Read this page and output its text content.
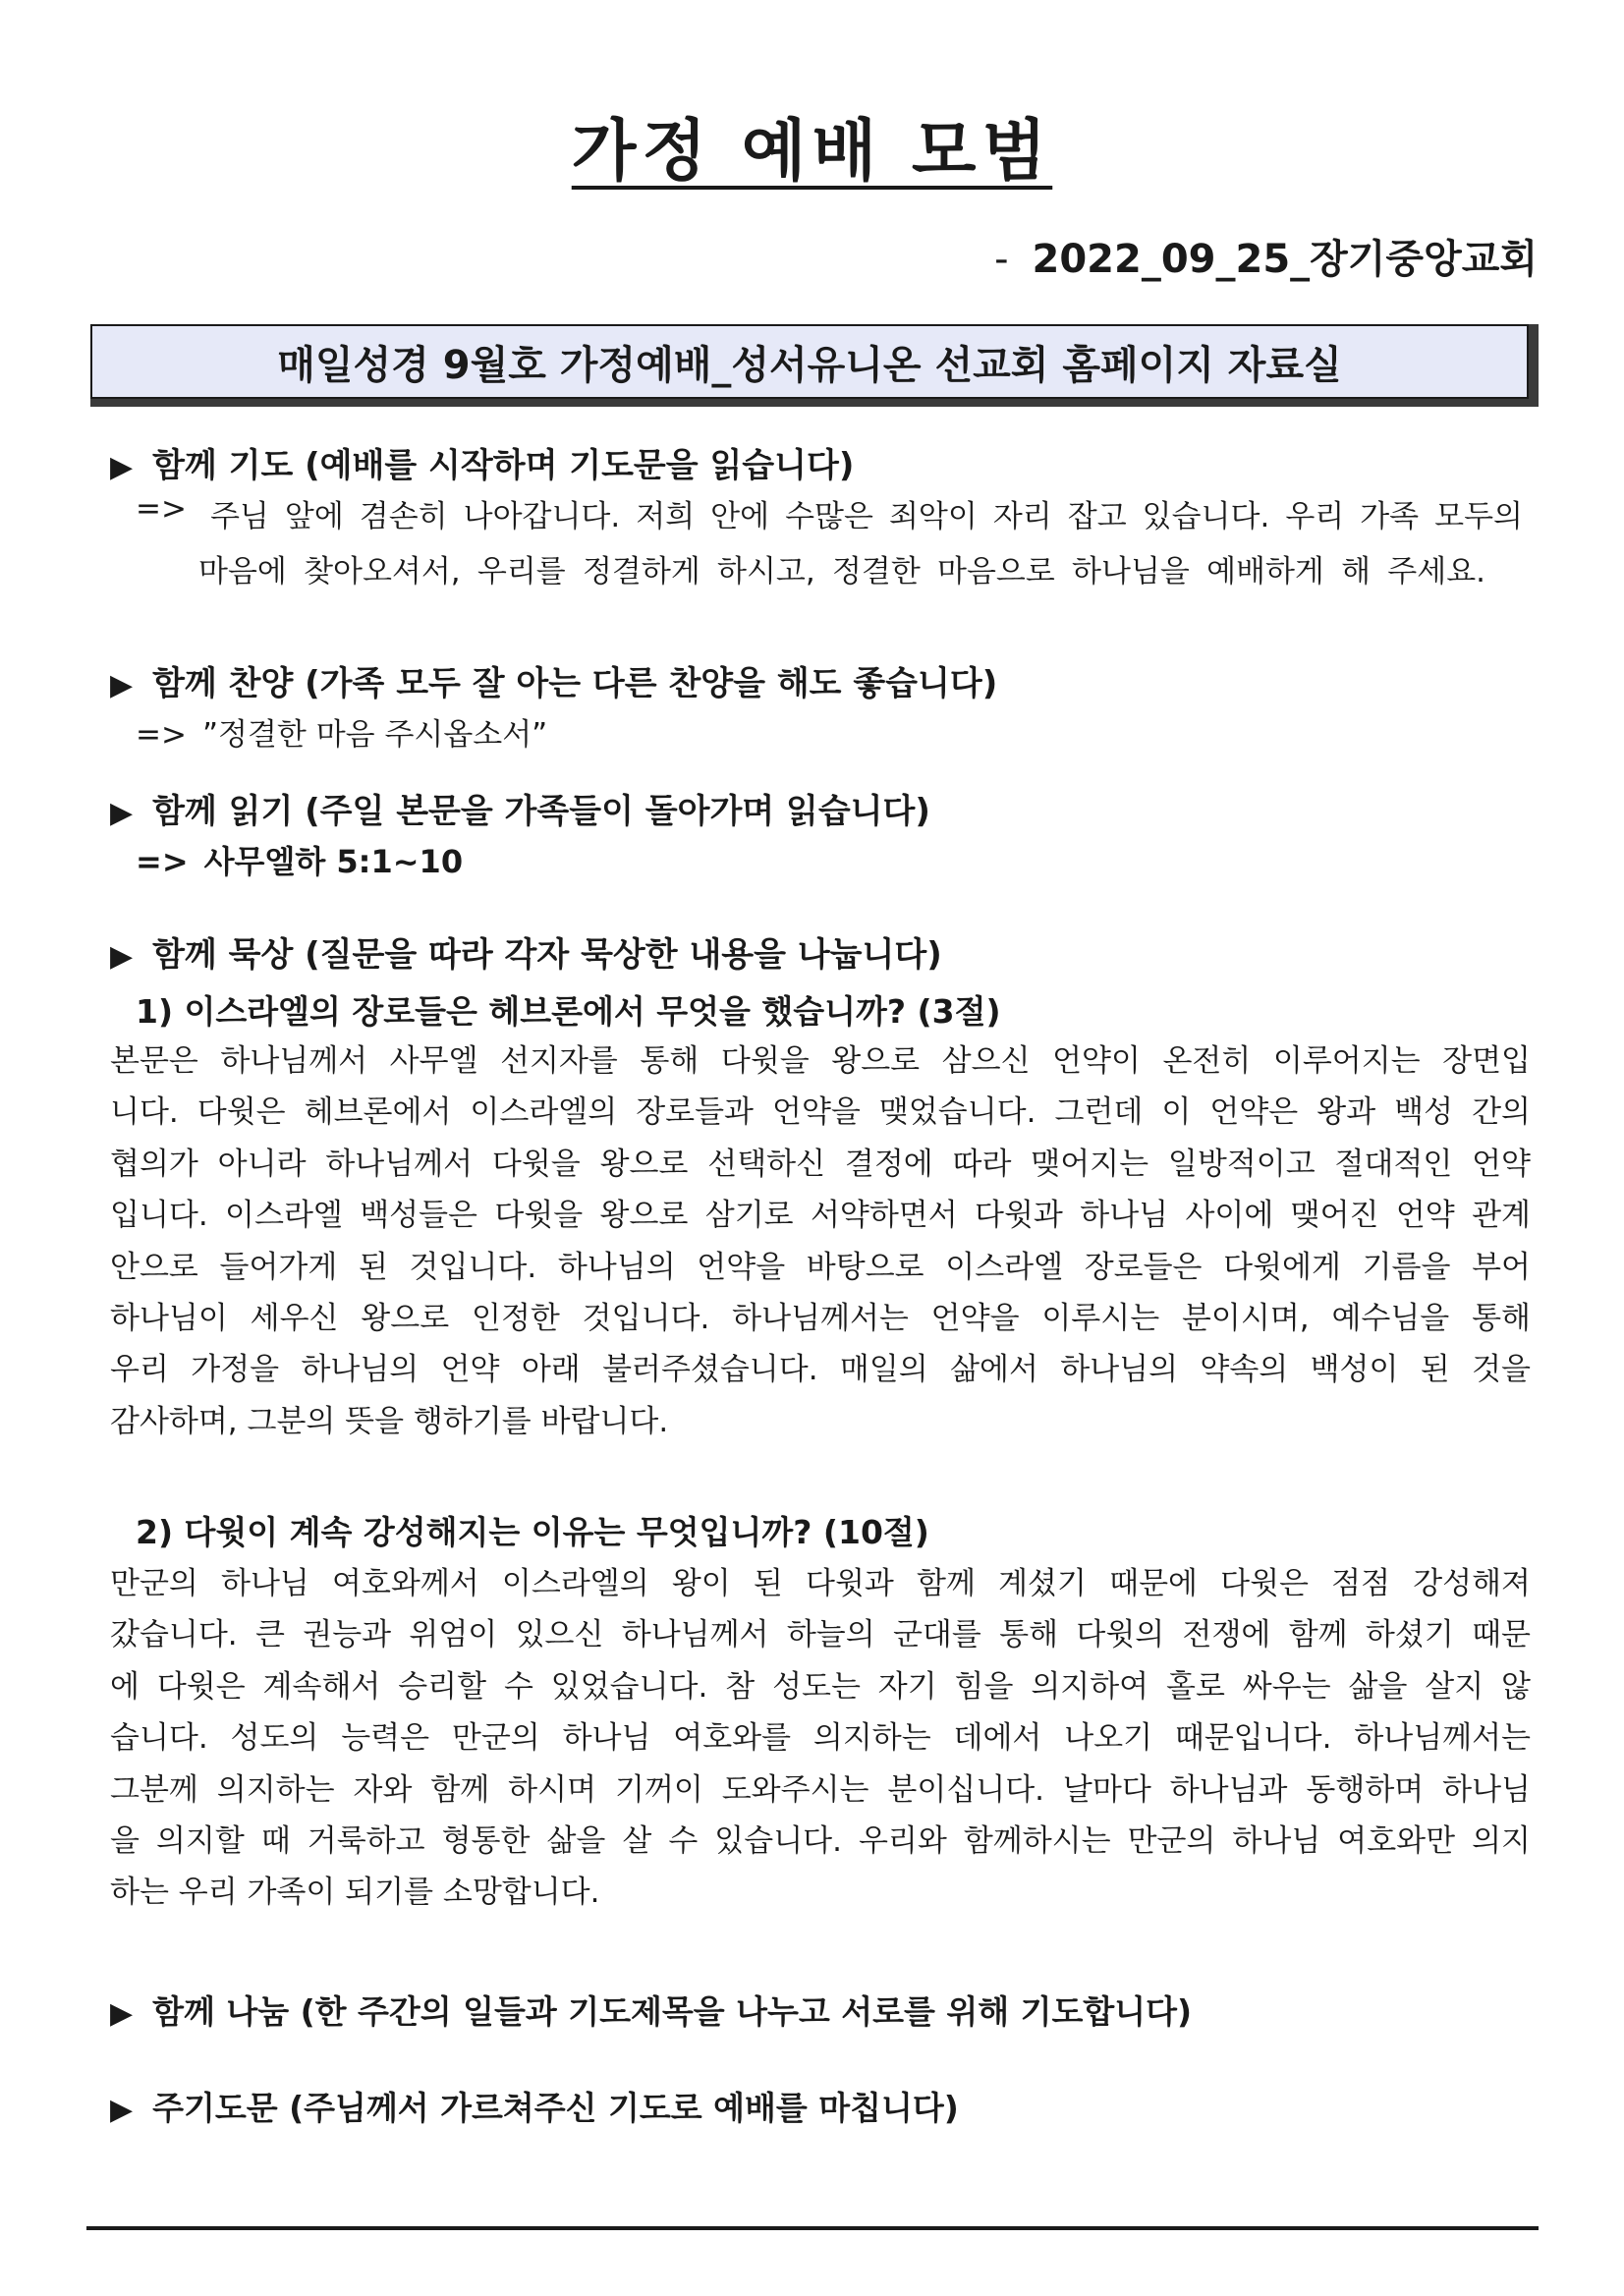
가정 예배 모범
- 2022_09_25_장기중앙교회
매일성경 9월호 가정예배_성서유니온 선교회 홈페이지 자료실
▶ 함께 기도 (예배를 시작하며 기도문을 읽습니다)
=> 주님 앞에 겸손히 나아갑니다. 저희 안에 수많은 죄악이 자리 잡고 있습니다. 우리 가족 모두의
마음에 찾아오셔서, 우리를 정결하게 하시고, 정결한 마음으로 하나님을 예배하게 해 주세요.
▶ 함께 찬양 (가족 모두 잘 아는 다른 찬양을 해도 좋습니다)
=> ”정결한 마음 주시옵소서”
▶ 함께 읽기 (주일 본문을 가족들이 돌아가며 읽습니다)
=> 사무엘하 5:1~10
▶ 함께 묵상 (질문을 따라 각자 묵상한 내용을 나눕니다)
1) 이스라엘의 장로들은 헤브론에서 무엇을 했습니까? (3절)
본문은 하나님께서 사무엘 선지자를 통해 다윗을 왕으로 삼으신 언약이 온전히 이루어지는 장면입
니다. 다윗은 헤브론에서 이스라엘의 장로들과 언약을 맺었습니다. 그런데 이 언약은 왕과 백성 간의
협의가 아니라 하나님께서 다윗을 왕으로 선택하신 결정에 따라 맺어지는 일방적이고 절대적인 언약
입니다. 이스라엘 백성들은 다윗을 왕으로 삼기로 서약하면서 다윗과 하나님 사이에 맺어진 언약 관계
안으로 들어가게 된 것입니다. 하나님의 언약을 바탕으로 이스라엘 장로들은 다윗에게 기름을 부어
하나님이 세우신 왕으로 인정한 것입니다. 하나님께서는 언약을 이루시는 분이시며, 예수님을 통해
우리 가정을 하나님의 언약 아래 불러주셨습니다. 매일의 삶에서 하나님의 약속의 백성이 된 것을
감사하며, 그분의 뜻을 행하기를 바랍니다.
2) 다윗이 계속 강성해지는 이유는 무엇입니까? (10절)
만군의 하나님 여호와께서 이스라엘의 왕이 된 다윗과 함께 계셨기 때문에 다윗은 점점 강성해져
갔습니다. 큰 권능과 위엄이 있으신 하나님께서 하늘의 군대를 통해 다윗의 전쟁에 함께 하셨기 때문
에 다윗은 계속해서 승리할 수 있었습니다. 참 성도는 자기 힘을 의지하여 홀로 싸우는 삶을 살지 않
습니다. 성도의 능력은 만군의 하나님 여호와를 의지하는 데에서 나오기 때문입니다. 하나님께서는
그분께 의지하는 자와 함께 하시며 기꺼이 도와주시는 분이십니다. 날마다 하나님과 동행하며 하나님
을 의지할 때 거룩하고 형통한 삶을 살 수 있습니다. 우리와 함께하시는 만군의 하나님 여호와만 의지
하는 우리 가족이 되기를 소망합니다.
▶ 함께 나눔 (한 주간의 일들과 기도제목을 나누고 서로를 위해 기도합니다)
▶ 주기도문 (주님께서 가르쳐주신 기도로 예배를 마칩니다)
